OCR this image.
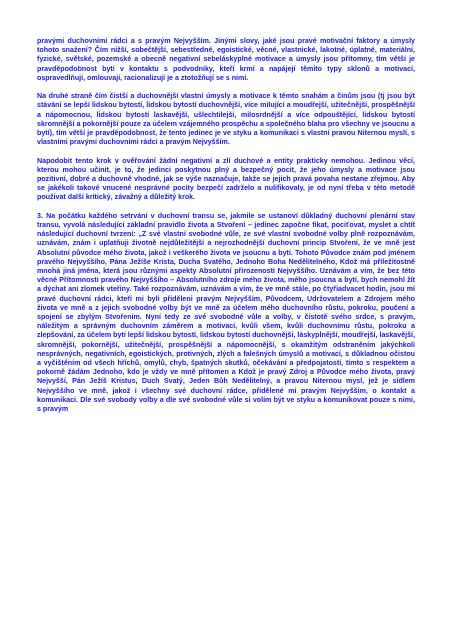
pravými duchovními rádci a s pravým Nejvyšším. Jinými slovy, jaké jsou pravé motivační faktory a úmysly tohoto snažení? Čím nižší, sobečtější, sebestředné, egoistické, věcné, vlastnické, lakotné, úplatné, materiální, fyzické, světské, pozemské a obecně negativní sebeláskyplné motivace a úmysly jsou přítomny, tím větší je pravděpodobnost bytí v kontaktu s podvodníky, kteří krmí a napájejí těmito typy sklonů a motivací, ospravedlňují, omlouvají, racionalizují je a ztotožňují se s nimi.

Na druhé straně čím čistší a duchovnější vlastní úmysly a motivace k těmto snahám a činům jsou (tj jsou být stávání se lepší lidskou bytostí, lidskou bytostí duchovnější, více milující a moudřejší, užitečnější, prospěšnější a nápomocnou, lidskou bytostí laskavější, ušlechtilejší, milosrdnější a více odpouštějící, lidskou bytostí skromnější a pokornější pouze za účelem vzájemného prospěchu a společného blaha pro všechny ve jsoucnu a bytí), tím větší je pravděpodobnost, že tento jedinec je ve styku a komunikaci s vlastní pravou Niternou myslí, s vlastními pravými duchovními rádci a pravým Nejvyšším.

Napodobit tento krok v ověřování žádní negativní a zlí duchové a entity prakticky nemohou. Jedinou věcí, kterou mohou učinit, je to, že jedinci poskytnou plný a bezpečný pocit, že jeho úmysly a motivace jsou pozitivní, dobré a duchovně vhodné, jak se výše naznačuje, takže se jejich pravá povaha nestane zřejmou. Aby se jakékoli takové vnucené nesprávné pocity bezpečí zadrželo a nulifikovaly, je od nyní třeba v této metodě používat další kritický, závažný a důležitý krok.

3. Na počátku každého setrvání v duchovní transu se, jakmile se ustanoví důkladný duchovní plenární stav transu, vyvolá následující základní pravidlo života a Stvoření – jedinec započne fikat, pociťovat, myslet a chtít následující duchovní tvrzení: „Z své vlastní svobodné vůle, ze své vlastní svobodné volby plně rozpoznávám, uznávám, znám i uplatňuji životně nejdůležitější a nejrozhodnější duchovní princip Stvoření, že ve mně jest Absolutní původce mého života, jakož i veškerého života ve jsoucnu a bytí. Tohoto Původce znám pod jménem pravého Nejvyššího, Pána Ježíše Krista, Ducha Svatého, Jednoho Boha Nedělitelného, Kdož má příležitostně mnohá jiná jména, která jsou různými aspekty Absolutní přirozenosti Nejvyššího. Uznávám a vím, že bez této věcné Přítomnosti pravého Nejvyššího – Absolutního zdroje mého života, mého jsoucna a bytí, bych nemohl žít a dýchat ani zlomek vteřiny. Také rozpoznávám, uznávám a vím, že ve mně stále, po čtyřiadvacet hodin, jsou mí pravé duchovní rádci, kteří mi byli přiděleni pravým Nejvyšším, Původcem, Udržovatelem a Zdrojem mého života ve mně a z jejich svobodné volby být ve mně za účelem mého duchovního růstu, pokroku, poučení a spojení se zbylým Stvořením. Nyní tedy ze své svobodné vůle a volby, v čistotě svého srdce, s pravým, náležitým a správným duchovním záměrem a motivací, kvůli všem, kvůli duchovnímu růstu, pokroku a zlepšování, za účelem bytí lepší lidskou bytostí, lidskou bytostí duchovnější, láskyplnější, moudřejší, laskavější, skromnější, pokornější, užitečnější, prospěšnější a nápomocnější, s okamžitým odstraněním jakýchkoli nesprávných, negativních, egoistických, protivných, zlých a falešných úmyslů a motivací, s důkladnou očistou a vyčištěním od všech hříchů, omylů, chyb, špatných skutků, očekávání a předpojatostí, tímto s respektem a pokorně žádám Jednoho, kdo je vždy ve mně přítomen a Kdož je pravý Zdroj a Původce mého života, pravý Nejvyšší, Pán Ježíš Kristus, Duch Svatý, Jeden Bůh Nedělitelný, a pravou Niternou mysl, jež je sídlem Nejvyššího ve mně, jakož i všechny své duchovní rádce, přidělené mi pravým Nejvyšším, o kontakt a komunikaci. Dle své svobody volby a dle své svobodné vůle si volím být ve styku a komunikovat pouze s nimi, s pravým
